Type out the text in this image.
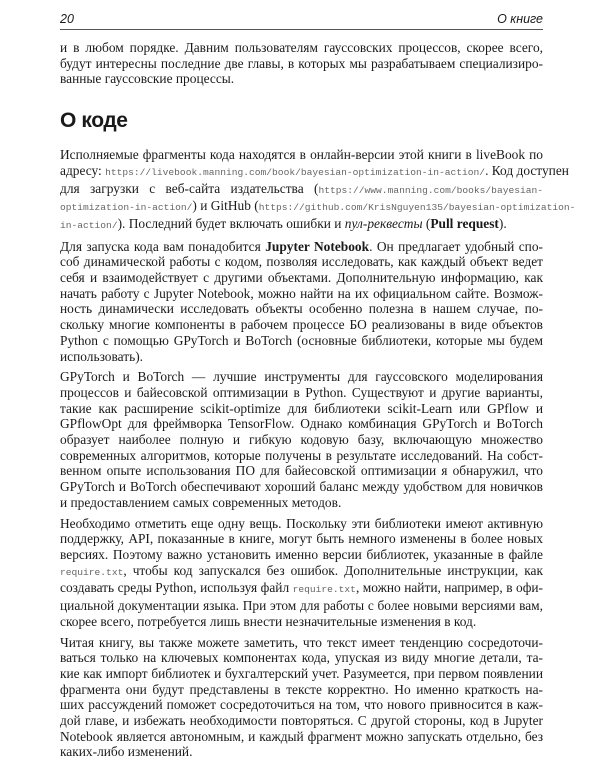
20	О книге
и в любом порядке. Давним пользователям гауссовских процессов, скорее всего,
будут интересны последние две главы, в которых мы разрабатываем специализиро-
ванные гауссовские процессы.
О коде
Исполняемые фрагменты кода находятся в онлайн-версии этой книги в liveBook по
адресу: https://livebook.manning.com/book/bayesian-optimization-in-action/. Код доступен
для загрузки с веб-сайта издательства (https://www.manning.com/books/bayesian-
optimization-in-action/) и GitHub (https://github.com/KrisNguyen135/bayesian-optimization-
in-action/). Последний будет включать ошибки и пул-реквесты (Pull request).
Для запуска кода вам понадобится Jupyter Notebook. Он предлагает удобный спо-
соб динамической работы с кодом, позволяя исследовать, как каждый объект ведет
себя и взаимодействует с другими объектами. Дополнительную информацию, как
начать работу с Jupyter Notebook, можно найти на их официальном сайте. Возмож-
ность динамически исследовать объекты особенно полезна в нашем случае, по-
скольку многие компоненты в рабочем процессе БО реализованы в виде объектов
Python с помощью GPyTorch и BoTorch (основные библиотеки, которые мы будем
использовать).
GPyTorch и BoTorch — лучшие инструменты для гауссовского моделирования
процессов и байесовской оптимизации в Python. Существуют и другие варианты,
такие как расширение scikit-optimize для библиотеки scikit-Learn или GPflow и
GPflowOpt для фреймворка TensorFlow. Однако комбинация GPyTorch и BoTorch
образует наиболее полную и гибкую кодовую базу, включающую множество
современных алгоритмов, которые получены в результате исследований. На собст-
венном опыте использования ПО для байесовской оптимизации я обнаружил, что
GPyTorch и BoTorch обеспечивают хороший баланс между удобством для новичков
и предоставлением самых современных методов.
Необходимо отметить еще одну вещь. Поскольку эти библиотеки имеют активную
поддержку, API, показанные в книге, могут быть немного изменены в более новых
версиях. Поэтому важно установить именно версии библиотек, указанные в файле
require.txt, чтобы код запускался без ошибок. Дополнительные инструкции, как
создавать среды Python, используя файл require.txt, можно найти, например, в офи-
циальной документации языка. При этом для работы с более новыми версиями вам,
скорее всего, потребуется лишь внести незначительные изменения в код.
Читая книгу, вы также можете заметить, что текст имеет тенденцию сосредоточи-
ваться только на ключевых компонентах кода, упуская из виду многие детали, та-
кие как импорт библиотек и бухгалтерский учет. Разумеется, при первом появлении
фрагмента они будут представлены в тексте корректно. Но именно краткость на-
ших рассуждений поможет сосредоточиться на том, что нового привносится в каж-
дой главе, и избежать необходимости повторяться. С другой стороны, код в Jupyter
Notebook является автономным, и каждый фрагмент можно запускать отдельно, без
каких-либо изменений.
